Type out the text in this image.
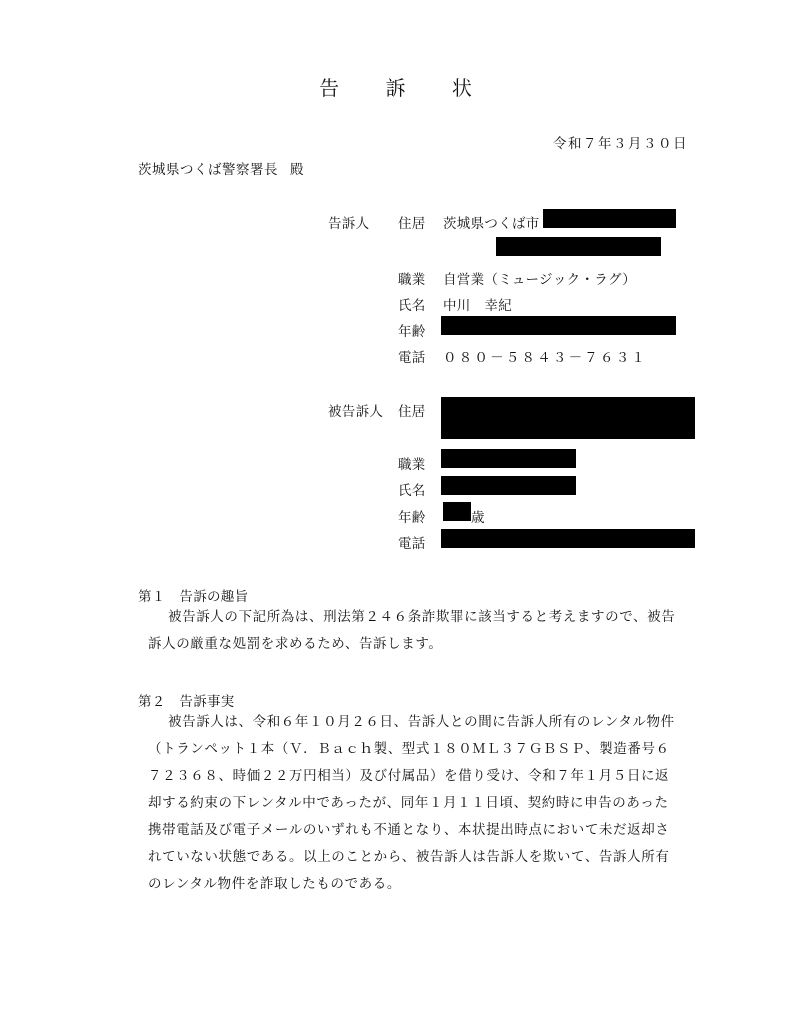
告 訴 状
令和７年３月３０日
茨城県つくば警察署長 殿
告訴人 住居 茨城県つくば市
職業 自営業（ミュージック・ラグ）
氏名 中川　幸紀
年齢
電話 ０８０－５８４３－７６３１
被告訴人 住居
職業
氏名
年齢	歳
電話
第１　告訴の趣旨
被告訴人の下記所為は、刑法第２４６条詐欺罪に該当すると考えますので、被告
訴人の厳重な処罰を求めるため、告訴します。
第２　告訴事実
被告訴人は、令和６年１０月２６日、告訴人との間に告訴人所有のレンタル物件
（トランペット１本（Ｖ．Ｂａｃｈ製、型式１８０ＭＬ３７ＧＢＳＰ、製造番号６
７２３６８、時価２２万円相当）及び付属品）を借り受け、令和７年１月５日に返
却する約束の下レンタル中であったが、同年１月１１日頃、契約時に申告のあった
携帯電話及び電子メールのいずれも不通となり、本状提出時点において未だ返却さ
れていない状態である。以上のことから、被告訴人は告訴人を欺いて、告訴人所有
のレンタル物件を詐取したものである。
